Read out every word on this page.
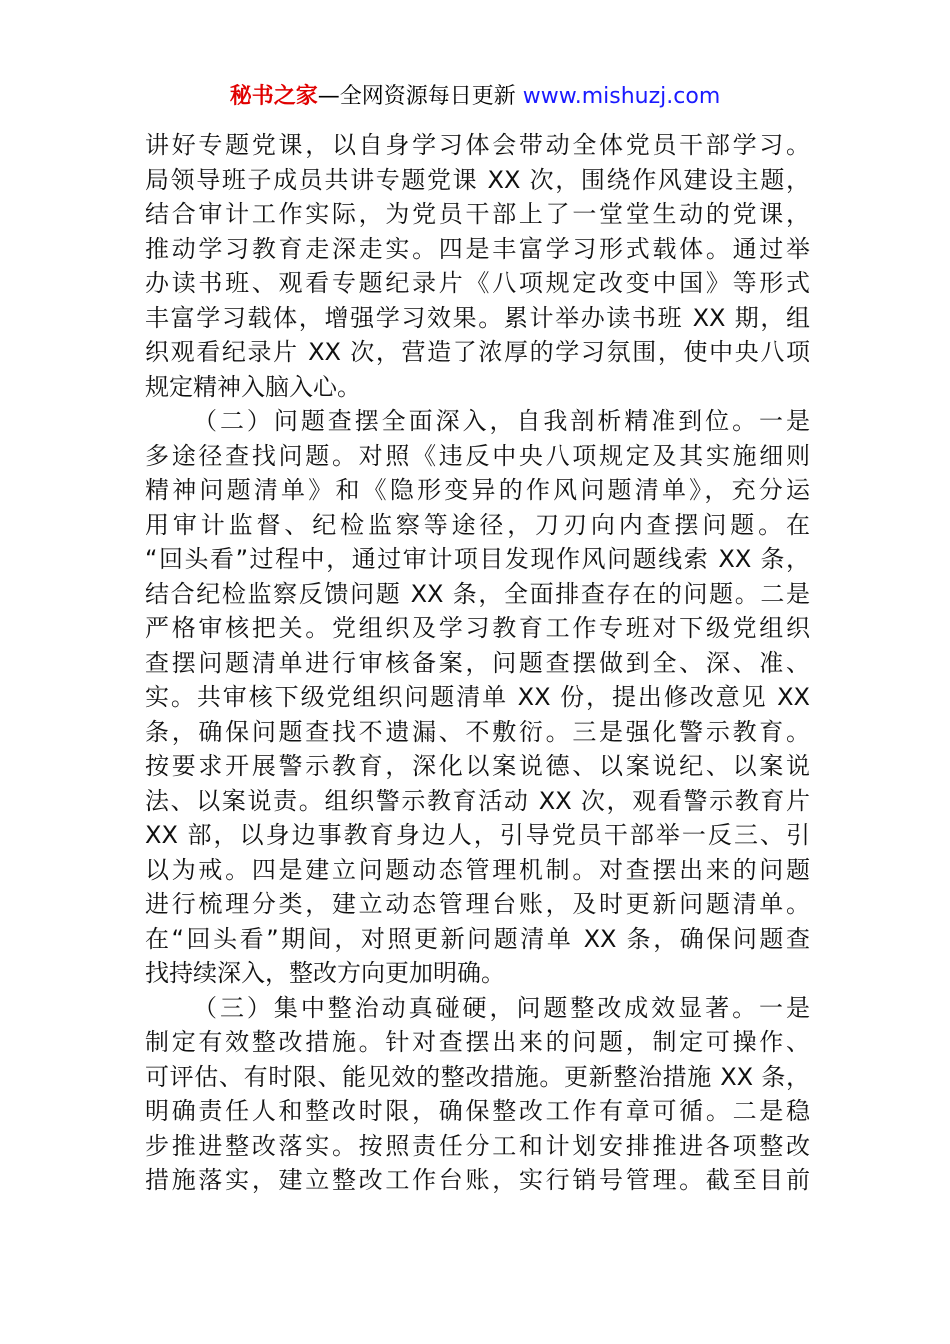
秘书之家—全网资源每日更新 www.mishuzj.com
讲好专题党课，以自身学习体会带动全体党员干部学习。
局领导班子成员共讲专题党课 XX 次，围绕作风建设主题，
结合审计工作实际，为党员干部上了一堂堂生动的党课，
推动学习教育走深走实。四是丰富学习形式载体。通过举
办读书班、观看专题纪录片《八项规定改变中国》等形式
丰富学习载体，增强学习效果。累计举办读书班 XX 期，组
织观看纪录片 XX 次，营造了浓厚的学习氛围，使中央八项
规定精神入脑入心。
（二）问题查摆全面深入，自我剖析精准到位。一是
多途径查找问题。对照《违反中央八项规定及其实施细则
精神问题清单》和《隐形变异的作风问题清单》，充分运
用审计监督、纪检监察等途径，刀刃向内查摆问题。在
“回头看”过程中，通过审计项目发现作风问题线索 XX 条，
结合纪检监察反馈问题 XX 条，全面排查存在的问题。二是
严格审核把关。党组织及学习教育工作专班对下级党组织
查摆问题清单进行审核备案，问题查摆做到全、深、准、
实。共审核下级党组织问题清单 XX 份，提出修改意见 XX
条，确保问题查找不遗漏、不敷衍。三是强化警示教育。
按要求开展警示教育，深化以案说德、以案说纪、以案说
法、以案说责。组织警示教育活动 XX 次，观看警示教育片
XX 部，以身边事教育身边人，引导党员干部举一反三、引
以为戒。四是建立问题动态管理机制。对查摆出来的问题
进行梳理分类，建立动态管理台账，及时更新问题清单。
在“回头看”期间，对照更新问题清单 XX 条，确保问题查
找持续深入，整改方向更加明确。
（三）集中整治动真碰硬，问题整改成效显著。一是
制定有效整改措施。针对查摆出来的问题，制定可操作、
可评估、有时限、能见效的整改措施。更新整治措施 XX 条，
明确责任人和整改时限，确保整改工作有章可循。二是稳
步推进整改落实。按照责任分工和计划安排推进各项整改
措施落实，建立整改工作台账，实行销号管理。截至目前
